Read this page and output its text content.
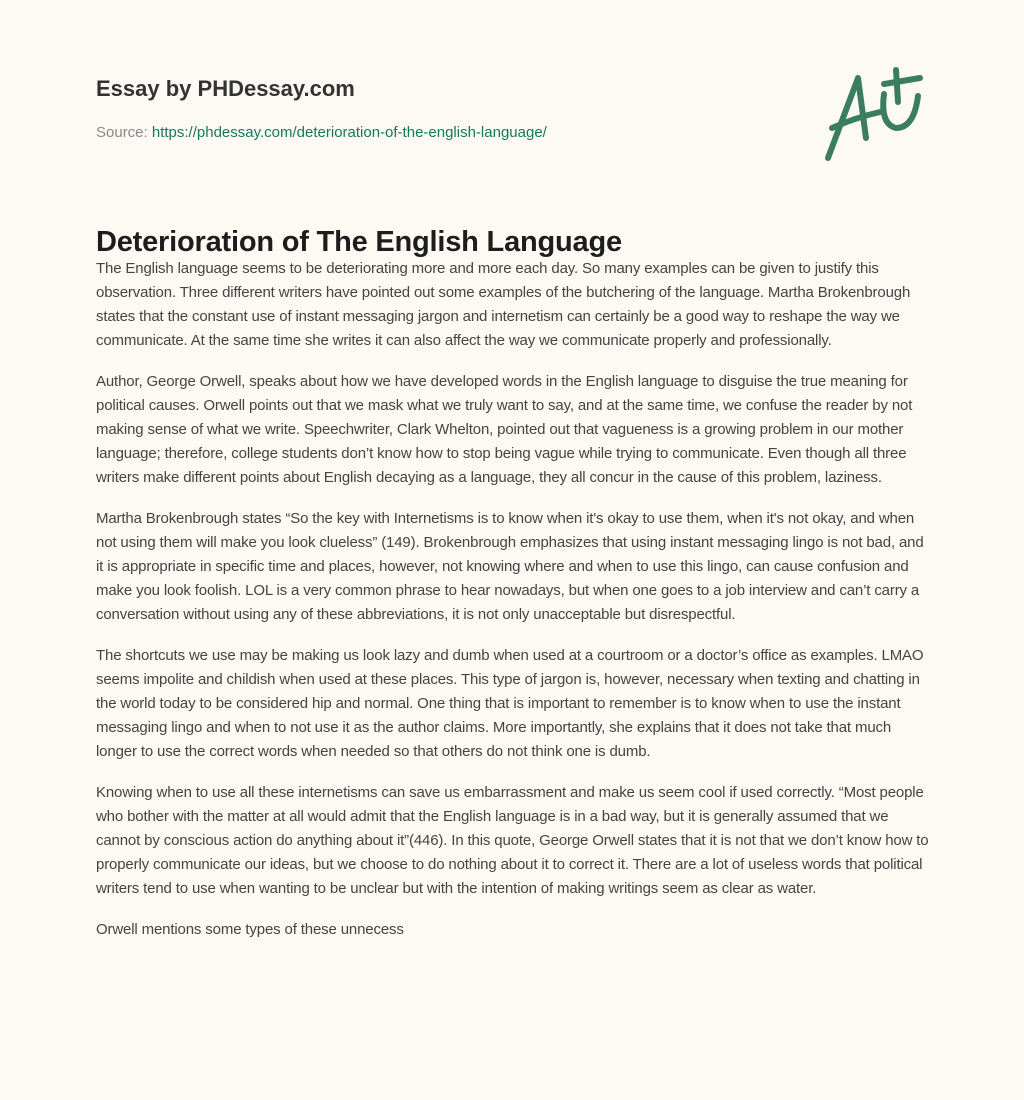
Essay by PHDessay.com
Source: https://phdessay.com/deterioration-of-the-english-language/
Deterioration of The English Language

The English language seems to be deteriorating more and more each day. So many examples can be given to justify this observation. Three different writers have pointed out some examples of the butchering of the language. Martha Brokenbrough states that the constant use of instant messaging jargon and internetism can certainly be a good way to reshape the way we communicate. At the same time she writes it can also affect the way we communicate properly and professionally.

Author, George Orwell, speaks about how we have developed words in the English language to disguise the true meaning for political causes. Orwell points out that we mask what we truly want to say, and at the same time, we confuse the reader by not making sense of what we write. Speechwriter, Clark Whelton, pointed out that vagueness is a growing problem in our mother language; therefore, college students don’t know how to stop being vague while trying to communicate. Even though all three writers make different points about English decaying as a language, they all concur in the cause of this problem, laziness.

Martha Brokenbrough states “So the key with Internetisms is to know when it's okay to use them, when it's not okay, and when not using them will make you look clueless” (149). Brokenbrough emphasizes that using instant messaging lingo is not bad, and it is appropriate in specific time and places, however, not knowing where and when to use this lingo, can cause confusion and make you look foolish. LOL is a very common phrase to hear nowadays, but when one goes to a job interview and can’t carry a conversation without using any of these abbreviations, it is not only unacceptable but disrespectful.

The shortcuts we use may be making us look lazy and dumb when used at a courtroom or a doctor’s office as examples. LMAO seems impolite and childish when used at these places. This type of jargon is, however, necessary when texting and chatting in the world today to be considered hip and normal. One thing that is important to remember is to know when to use the instant messaging lingo and when to not use it as the author claims. More importantly, she explains that it does not take that much longer to use the correct words when needed so that others do not think one is dumb.

Knowing when to use all these internetisms can save us embarrassment and make us seem cool if used correctly. “Most people who bother with the matter at all would admit that the English language is in a bad way, but it is generally assumed that we cannot by conscious action do anything about it”(446). In this quote, George Orwell states that it is not that we don’t know how to properly communicate our ideas, but we choose to do nothing about it to correct it. There are a lot of useless words that political writers tend to use when wanting to be unclear but with the intention of making writings seem as clear as water.

Orwell mentions some types of these unnecess
